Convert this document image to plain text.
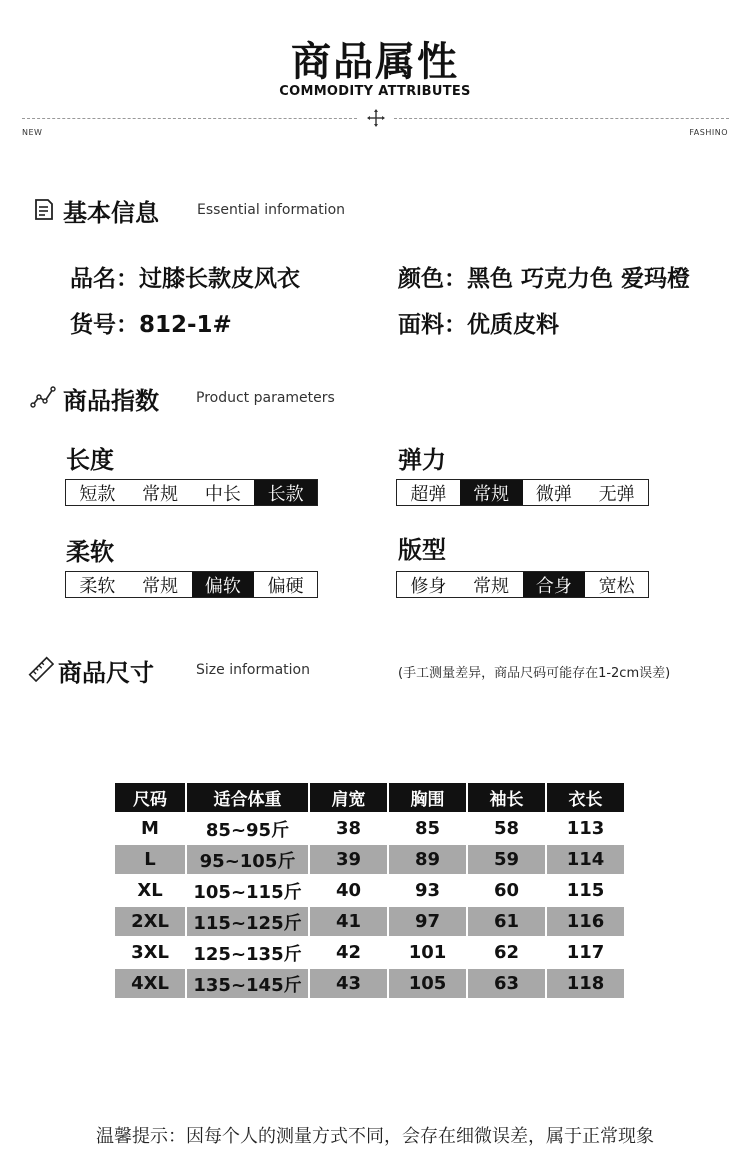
商品属性
COMMODITY ATTRIBUTES
NEW	FASHINO
基本信息	Essential information
品名：过膝长款皮风衣	颜色：黑色 巧克力色 爱玛橙
货号：812-1#	面料：优质皮料
商品指数	Product parameters
长度
短款	常规	中长	长款
弹力
超弹	常规	微弹	无弹
柔软
柔软	常规	偏软	偏硬
版型
修身	常规	合身	宽松
商品尺寸	Size information	(手工测量差异，商品尺码可能存在1-2cm误差)
尺码	适合体重	肩宽	胸围	袖长	衣长
M	85~95斤	38	85	58	113
L	95~105斤	39	89	59	114
XL	105~115斤	40	93	60	115
2XL	115~125斤	41	97	61	116
3XL	125~135斤	42	101	62	117
4XL	135~145斤	43	105	63	118
温馨提示：因每个人的测量方式不同，会存在细微误差，属于正常现象
